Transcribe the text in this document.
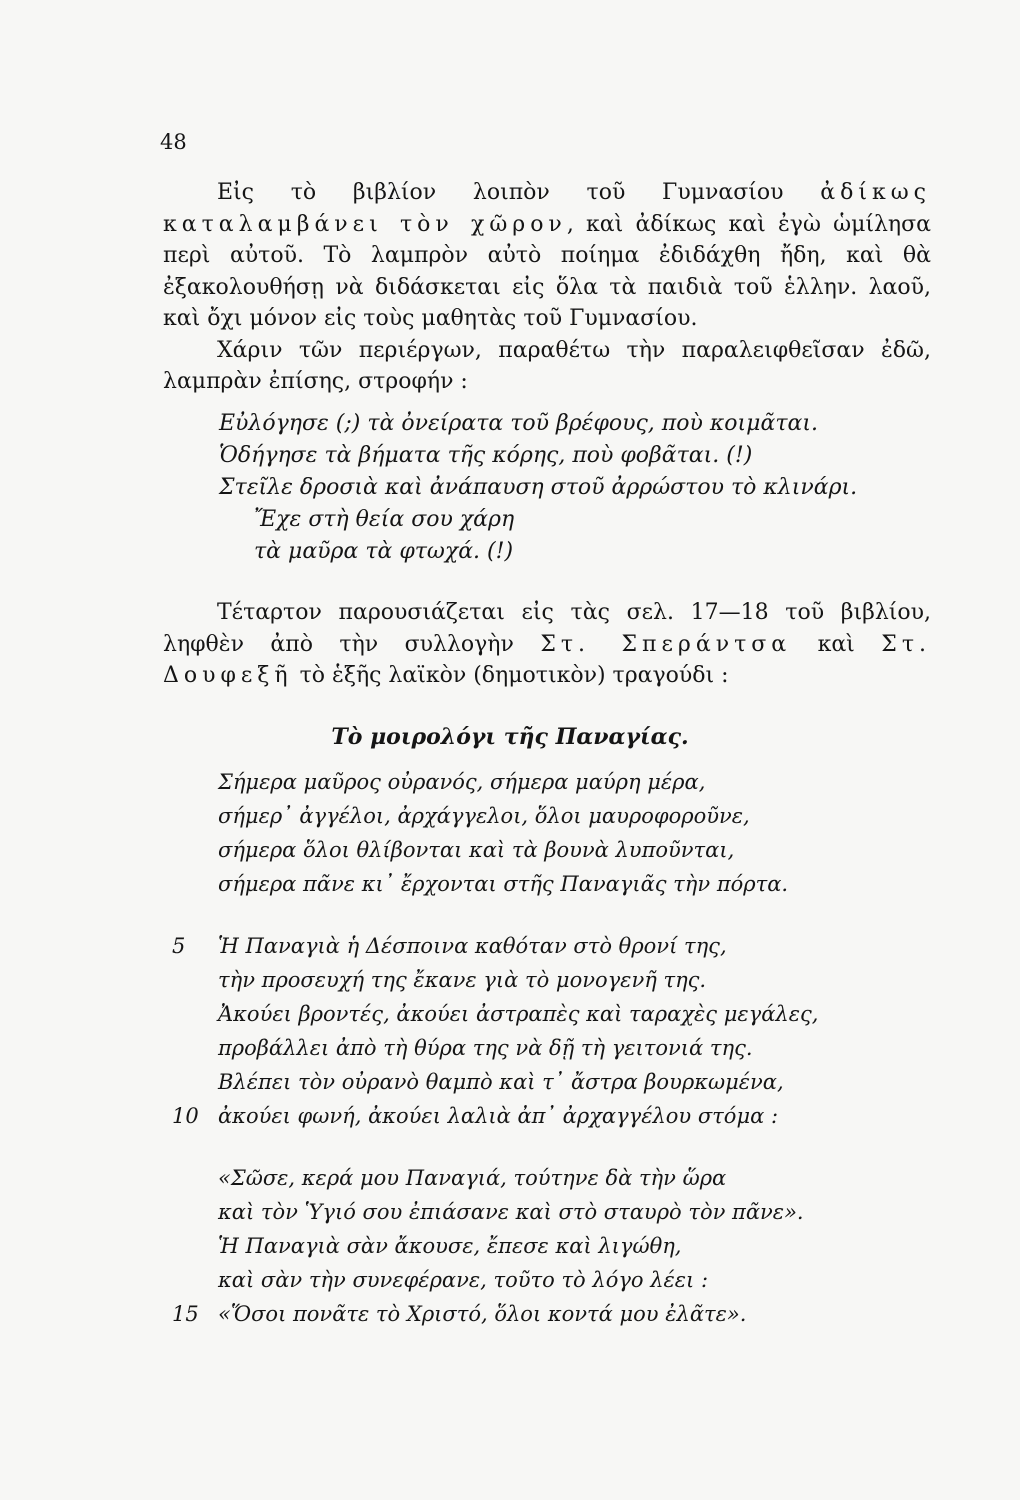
48

Εἰς τὸ βιβλίον λοιπὸν τοῦ Γυμνασίου ἀδίκως καταλαμβάνει τὸν χῶρον, καὶ ἀδίκως καὶ ἐγὼ ὡμίλησα περὶ αὐτοῦ. Τὸ λαμπρὸν αὐτὸ ποίημα ἐδιδάχθη ἤδη, καὶ θὰ ἐξακολουθήσῃ νὰ διδάσκεται εἰς ὅλα τὰ παιδιὰ τοῦ ἑλλην. λαοῦ, καὶ ὄχι μόνον εἰς τοὺς μαθητὰς τοῦ Γυμνασίου.

Χάριν τῶν περιέργων, παραθέτω τὴν παραλειφθεῖσαν ἐδῶ, λαμπρὰν ἐπίσης, στροφήν :

Εὐλόγησε (;) τὰ ὀνείρατα τοῦ βρέφους, ποὺ κοιμᾶται.
Ὁδήγησε τὰ βήματα τῆς κόρης, ποὺ φοβᾶται. (!)
Στεῖλε δροσιὰ καὶ ἀνάπαυση στοῦ ἀρρώστου τὸ κλινάρι.
Ἔχε στὴ θεία σου χάρη
τὰ μαῦρα τὰ φτωχά. (!)

Τέταρτον παρουσιάζεται εἰς τὰς σελ. 17—18 τοῦ βιβλίου, ληφθὲν ἀπὸ τὴν συλλογὴν Στ. Σπεράντσα καὶ Στ. Δουφεξῆ τὸ ἑξῆς λαϊκὸν (δημοτικὸν) τραγούδι :

Τὸ μοιρολόγι τῆς Παναγίας.
Σήμερα μαῦρος οὐρανός, σήμερα μαύρη μέρα,
σήμερ᾽ ἀγγέλοι, ἀρχάγγελοι, ὅλοι μαυροφοροῦνε,
σήμερα ὅλοι θλίβονται καὶ τὰ βουνὰ λυποῦνται,
σήμερα πᾶνε κι᾽ ἔρχονται στῆς Παναγιᾶς τὴν πόρτα.
5 Ἡ Παναγιὰ ἡ Δέσποινα καθόταν στὸ θρονί της,
τὴν προσευχή της ἔκανε γιὰ τὸ μονογενῆ της.
Ἀκούει βροντές, ἀκούει ἀστραπὲς καὶ ταραχὲς μεγάλες,
προβάλλει ἀπὸ τὴ θύρα της νὰ δῇ τὴ γειτονιά της.
Βλέπει τὸν οὐρανὸ θαμπὸ καὶ τ᾽ ἄστρα βουρκωμένα,
10 ἀκούει φωνή, ἀκούει λαλιὰ ἀπ᾽ ἀρχαγγέλου στόμα :
«Σῶσε, κερά μου Παναγιά, τούτηνε δὰ τὴν ὥρα
καὶ τὸν Ὑγιό σου ἐπιάσανε καὶ στὸ σταυρὸ τὸν πᾶνε».
Ἡ Παναγιὰ σὰν ἄκουσε, ἔπεσε καὶ λιγώθη,
καὶ σὰν τὴν συνεφέρανε, τοῦτο τὸ λόγο λέει :
15 «Ὅσοι πονᾶτε τὸ Χριστό, ὅλοι κοντά μου ἐλᾶτε».
